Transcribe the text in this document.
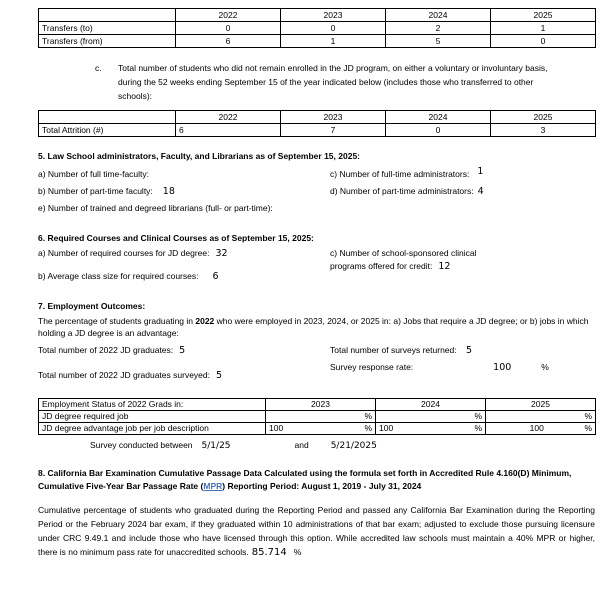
	2022	2023	2024	2025
Transfers (to)	0	0	2	1
Transfers (from)	6	1	5	0
c.	Total number of students who did not remain enrolled in the JD program, on either a voluntary or involuntary basis, during the 52 weeks ending September 15 of the year indicated below (includes those who transferred to other schools):
	2022	2023	2024	2025
Total Attrition (#)	6	7	0	3
5. Law School administrators, Faculty, and Librarians as of September 15, 2025:
a) Number of full time-faculty:
b) Number of part-time faculty: 18
e) Number of trained and degreed librarians (full- or part-time):
c) Number of full-time administrators: 1
d) Number of part-time administrators: 4
6. Required Courses and Clinical Courses as of September 15, 2025:
a) Number of required courses for JD degree: 32
b) Average class size for required courses: 6
c) Number of school-sponsored clinical programs offered for credit: 12
7. Employment Outcomes:
The percentage of students graduating in 2022 who were employed in 2023, 2024, or 2025 in: a) Jobs that require a JD degree; or b) jobs in which holding a JD degree is an advantage:
Total number of 2022 JD graduates: 5
Total number of 2022 JD graduates surveyed: 5
Total number of surveys returned: 5
Survey response rate:	100	%
Employment Status of 2022 Grads in:	2023	2024	2025
JD degree required job	%	%	%

JD degree advantage job per job description	100 %	100 %	100 %
Survey conducted between 5/1/25	and 5/21/2025
8. California Bar Examination Cumulative Passage Data Calculated using the formula set forth in Accredited Rule 4.160(D) Minimum, Cumulative Five-Year Bar Passage Rate (MPR) Reporting Period: August 1, 2019 - July 31, 2024
Cumulative percentage of students who graduated during the Reporting Period and passed any California Bar Examination during the Reporting Period or the February 2024 bar exam, if they graduated within 10 administrations of that bar exam; adjusted to exclude those pursuing licensure under CRC 9.49.1 and include those who have licensed through this option. While accredited law schools must maintain a 40% MPR or higher, there is no minimum pass rate for unaccredited schools. 85.714 %
